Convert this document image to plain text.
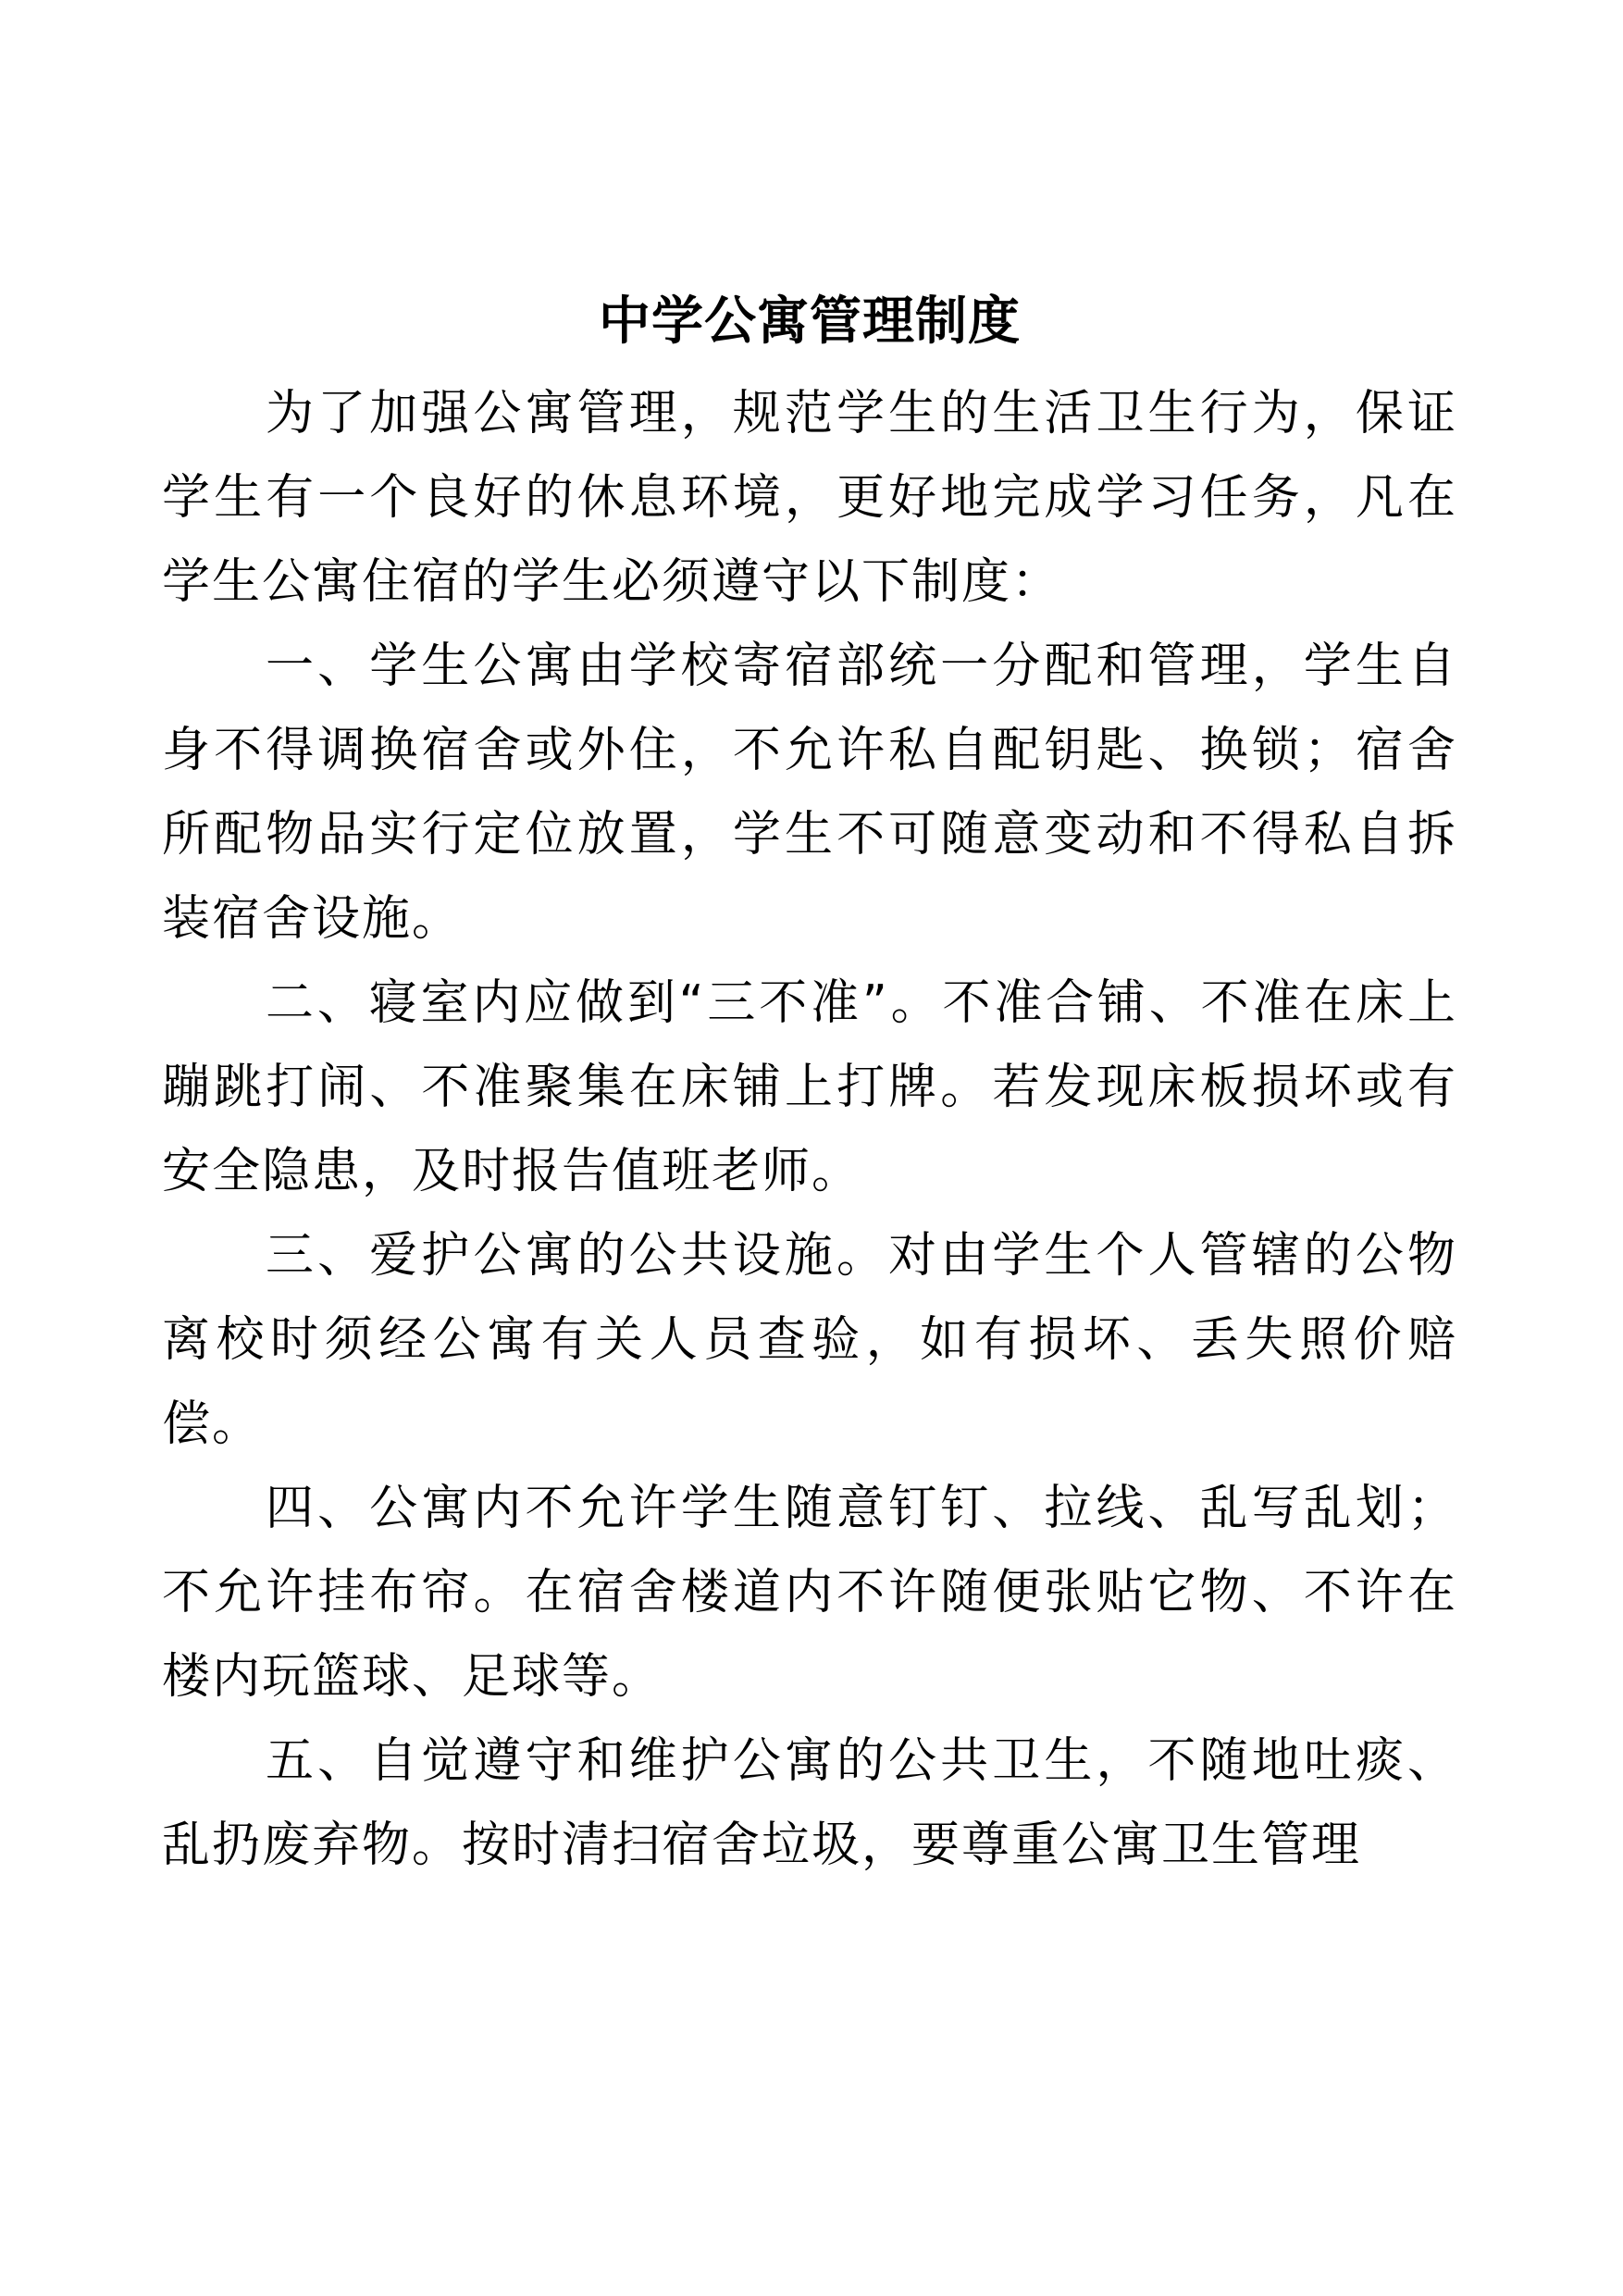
中学公寓管理制度

为了加强公寓管理，规范学生的生活卫生行为，保证学生有一个良好的休息环境，更好地完成学习任务，凡在学生公寓住宿的学生必须遵守以下制度：

一、学生公寓由学校寄宿部统一分配和管理，学生自身不得调换宿舍或外住，不允许私自配钥匙、换锁；宿舍所配物品实行定位放置，学生不可随意变动和不得私自拆装宿舍设施。

二、寝室内应做到“三不准”。不准合铺、不准在床上蹦跳打闹、不准聚集在床铺上打牌。若发现床板损坏或有安全隐患，及时报告值班老师。

三、爱护公寓的公共设施。对由学生个人管辖的公物离校时须经公寓有关人员查验，如有损坏、丢失照价赔偿。

四、公寓内不允许学生随意钉钉、拉线、乱写乱划；不允许挂布帘。在宿舍楼道内不许随便张贴它物、不许在楼内玩篮球、足球等。

五、自觉遵守和维护公寓的公共卫生，不随地吐痰、乱扔废弃物。按时清扫宿舍垃圾，要尊重公寓卫生管理
